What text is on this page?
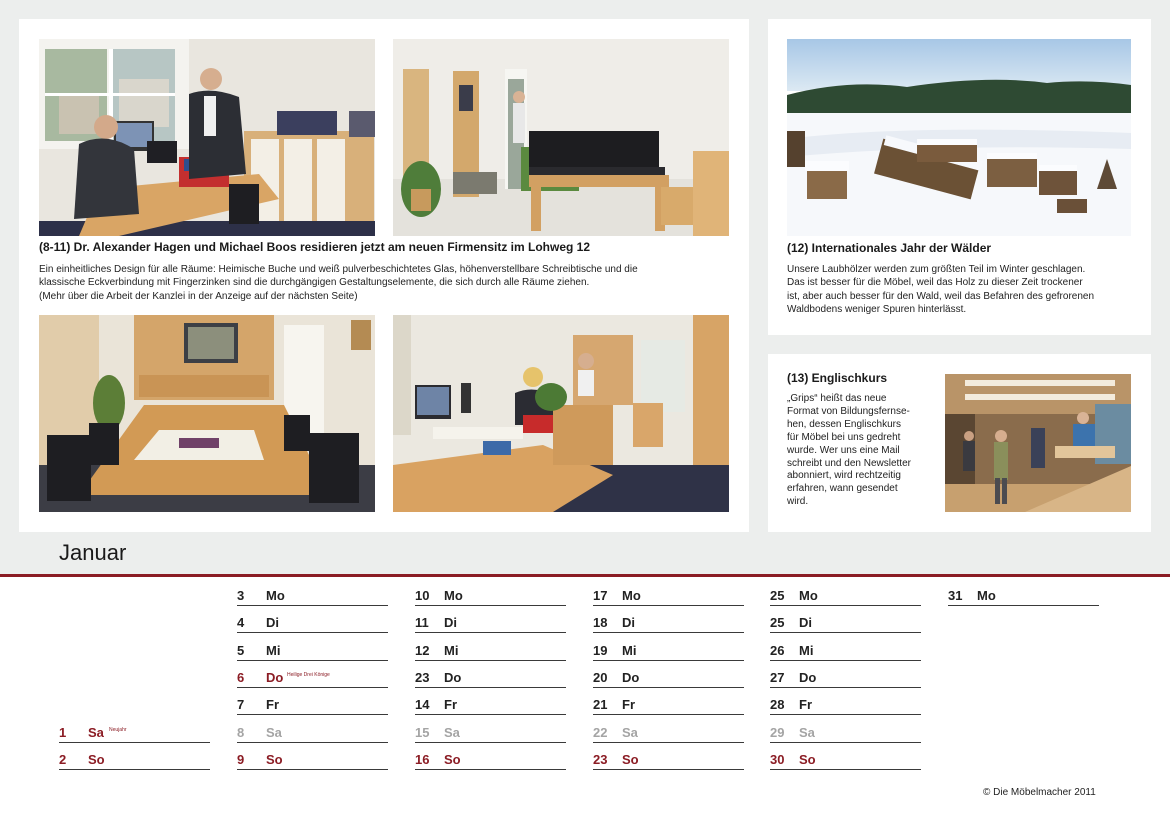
(8-11) Dr. Alexander Hagen und Michael Boos residieren jetzt am neuen Firmensitz im Lohweg 12
Ein einheitliches Design für alle Räume: Heimische Buche und weiß pulverbeschichtetes Glas, höhenverstellbare Schreibtische und die
klassische Eckverbindung mit Fingerzinken sind die durchgängigen Gestaltungselemente, die sich durch alle Räume ziehen.
(Mehr über die Arbeit der Kanzlei in der Anzeige auf der nächsten Seite)
(12) Internationales Jahr der Wälder
Unsere Laubhölzer werden zum größten Teil im Winter geschlagen.
Das ist besser für die Möbel, weil das Holz zu dieser Zeit trockener
ist, aber auch besser für den Wald, weil das Befahren des gefrorenen
Waldbodens weniger Spuren hinterlässt.
(13) Englischkurs
„Grips“ heißt das neue
Format von Bildungsfernse-
hen, dessen Englischkurs
für Möbel bei uns gedreht
wurde. Wer uns eine Mail
schreibt und den Newsletter
abonniert, wird rechtzeitig
erfahren, wann gesendet
wird.
Januar
1 Sa Neujahr
2 So
3 Mo
4 Di
5 Mi
6 Do Heilige Drei Könige
7 Fr
8 Sa
9 So
10 Mo
11 Di
12 Mi
23 Do
14 Fr
15 Sa
16 So
17 Mo
18 Di
19 Mi
20 Do
21 Fr
22 Sa
23 So
25 Mo
25 Di
26 Mi
27 Do
28 Fr
29 Sa
30 So
31 Mo
© Die Möbelmacher 2011
